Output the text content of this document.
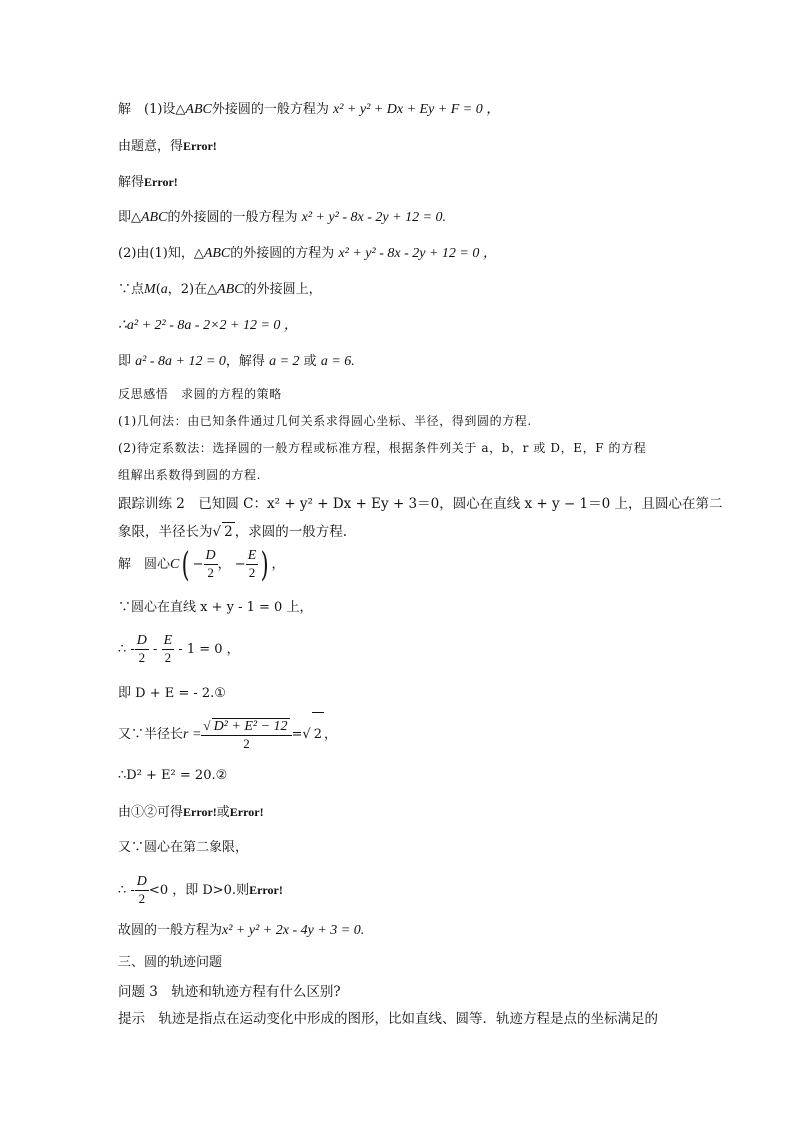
解　(1)设△ABC外接圆的一般方程为 x² + y² + Dx + Ey + F = 0 ，
由题意，得Error!
解得Error!
即△ABC的外接圆的一般方程为 x² + y² - 8x - 2y + 12 = 0.
(2)由(1)知，△ABC的外接圆的方程为 x² + y² - 8x - 2y + 12 = 0 ，
∵点M(a，2)在△ABC的外接圆上，
∴a² + 2² - 8a - 2×2 + 12 = 0 ，
即 a² - 8a + 12 = 0，解得 a = 2 或 a = 6.
反思感悟　求圆的方程的策略
(1)几何法：由已知条件通过几何关系求得圆心坐标、半径，得到圆的方程.
(2)待定系数法：选择圆的一般方程或标准方程，根据条件列关于 a，b，r 或 D，E，F 的方程
组解出系数得到圆的方程.
跟踪训练 2　已知圆 C：x² + y² + Dx + Ey + 3＝0，圆心在直线 x + y − 1＝0 上，且圆心在第二
象限，半径长为√ 2 ，求圆的一般方程.
解　圆心$C( - \frac{D}{2}$ ， − $\frac{E}{2}$ ) ，
∵圆心在直线 x + y - 1 = 0 上，
∴ - $\frac{D}{2} - \frac{E}{2} - 1 = 0$ ，
即 D + E = - 2.①
又∵半径长$r = \frac{\text{√ D² + E² − 12}}{2}$ =√ 2 ，
∴D² + E² = 20.②
由①②可得Error!或Error!
又∵圆心在第二象限，
∴ - $\frac{D}{2} <0$ ，即 D>0.则Error!
故圆的一般方程为x² + y² + 2x - 4y + 3 = 0.
三、圆的轨迹问题
问题 3　轨迹和轨迹方程有什么区别?
提示　轨迹是指点在运动变化中形成的图形，比如直线、圆等．轨迹方程是点的坐标满足的
